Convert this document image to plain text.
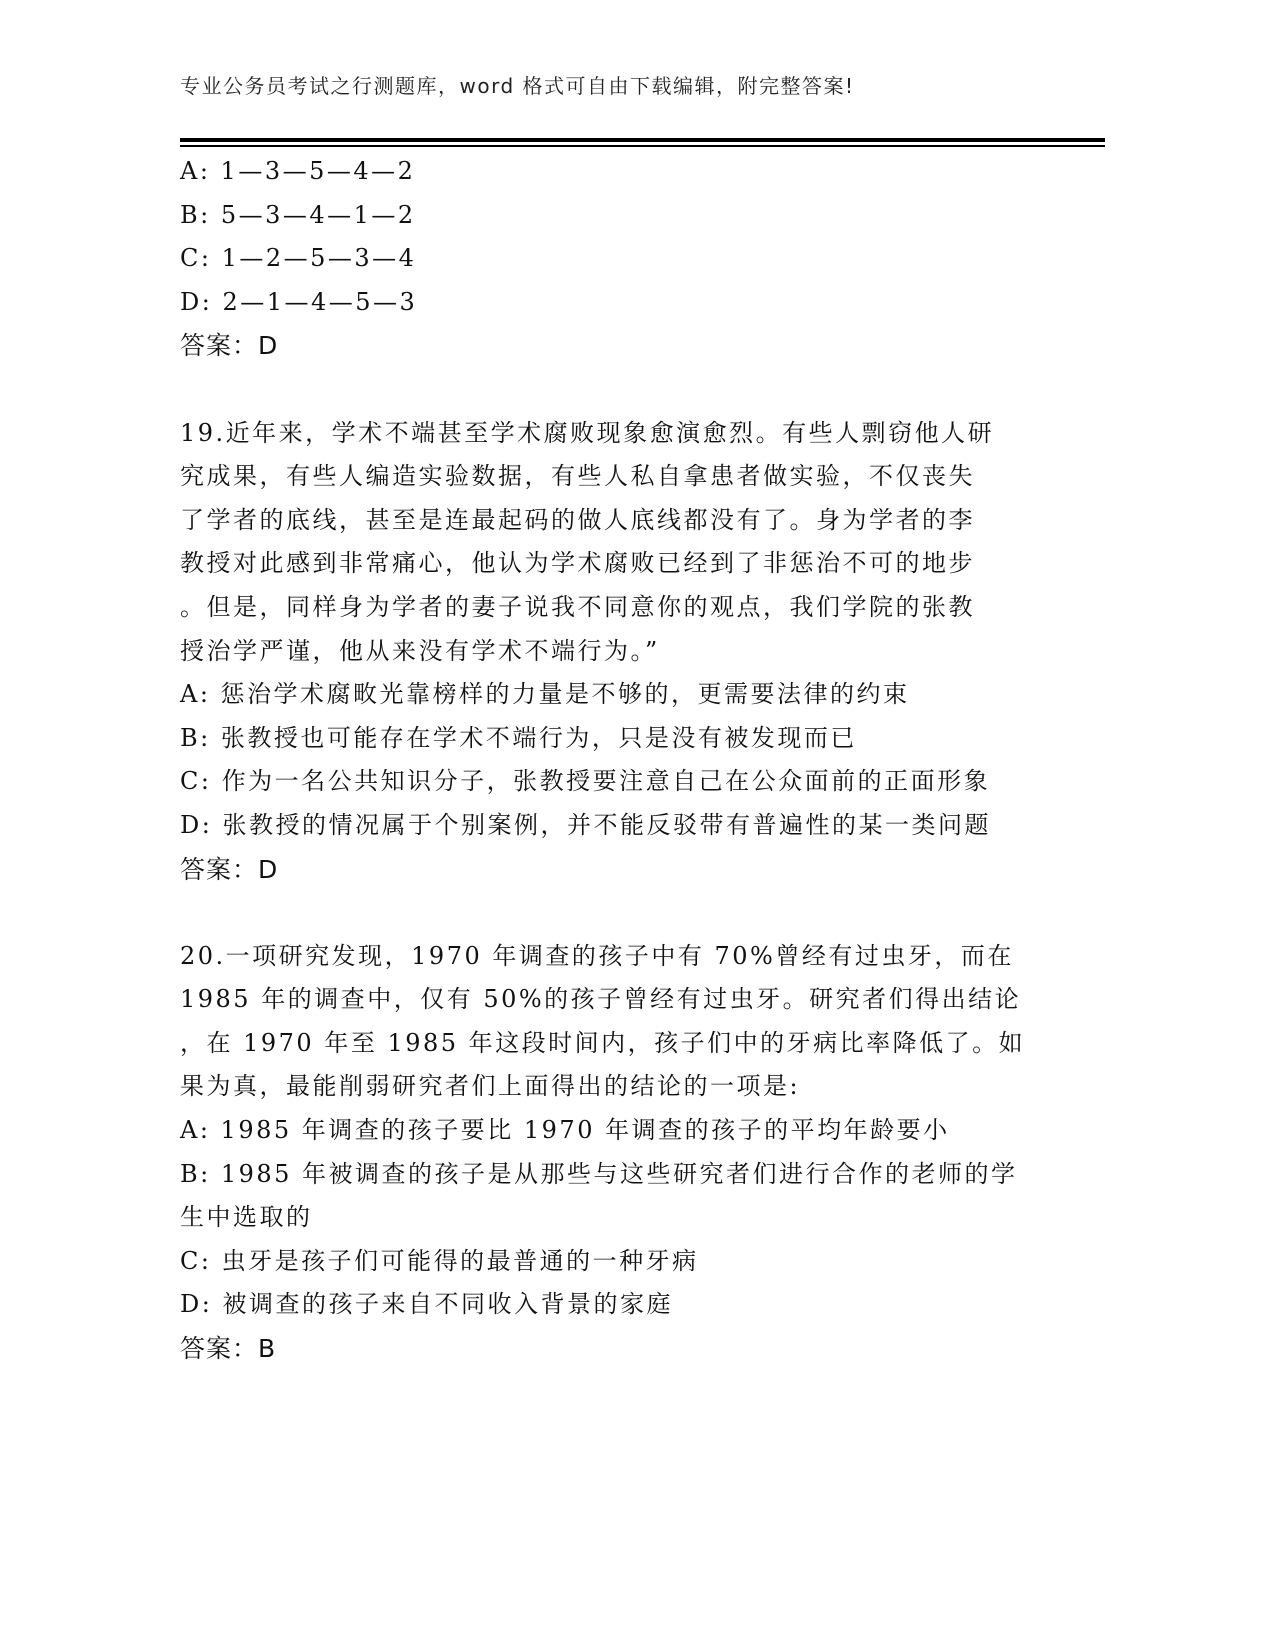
专业公务员考试之行测题库，word 格式可自由下载编辑，附完整答案!
A: 1—3—5—4—2
B: 5—3—4—1—2
C: 1—2—5—3—4
D: 2—1—4—5—3
答案：D
19.近年来，学术不端甚至学术腐败现象愈演愈烈。有些人剽窃他人研
究成果，有些人编造实验数据，有些人私自拿患者做实验，不仅丧失
了学者的底线，甚至是连最起码的做人底线都没有了。身为学者的李
教授对此感到非常痛心，他认为学术腐败已经到了非惩治不可的地步
。但是，同样身为学者的妻子说我不同意你的观点，我们学院的张教
授治学严谨，他从来没有学术不端行为。”
A: 惩治学术腐畋光靠榜样的力量是不够的，更需要法律的约束
B: 张教授也可能存在学术不端行为，只是没有被发现而已
C: 作为一名公共知识分子，张教授要注意自己在公众面前的正面形象
D: 张教授的情况属于个别案例，并不能反驳带有普遍性的某一类问题
答案：D
20.一项研究发现，1970 年调查的孩子中有 70%曾经有过虫牙，而在
1985 年的调查中，仅有 50%的孩子曾经有过虫牙。研究者们得出结论
，在 1970 年至 1985 年这段时间内，孩子们中的牙病比率降低了。如
果为真，最能削弱研究者们上面得出的结论的一项是:
A: 1985 年调查的孩子要比 1970 年调查的孩子的平均年龄要小
B: 1985 年被调查的孩子是从那些与这些研究者们进行合作的老师的学
生中选取的
C: 虫牙是孩子们可能得的最普通的一种牙病
D: 被调查的孩子来自不同收入背景的家庭
答案：B
